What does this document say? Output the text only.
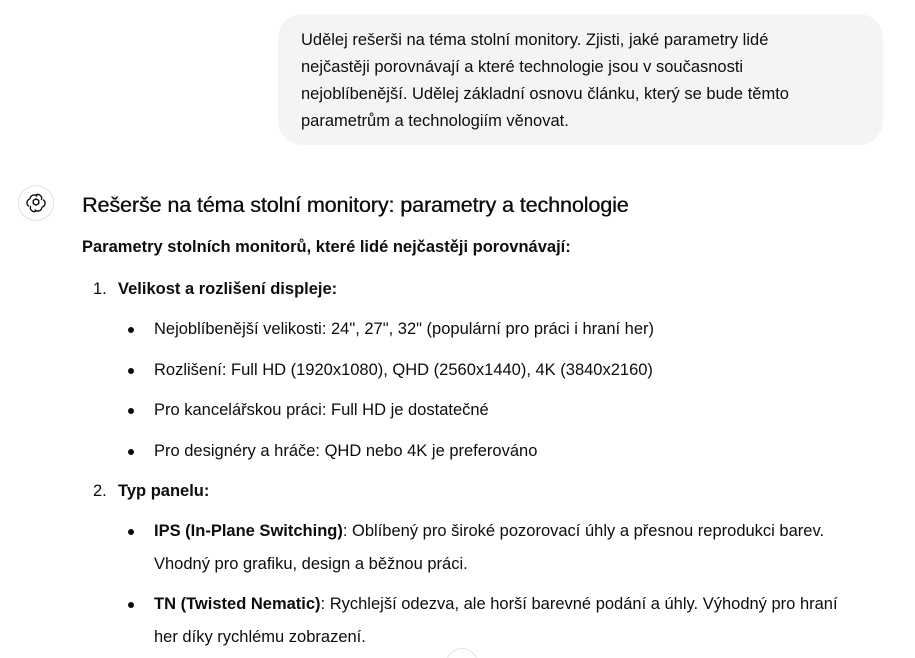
Udělej rešerši na téma stolní monitory. Zjisti, jaké parametry lidé
nejčastěji porovnávají a které technologie jsou v současnosti
nejoblíbenější. Udělej základní osnovu článku, který se bude těmto
parametrům a technologiím věnovat.
Rešerše na téma stolní monitory: parametry a technologie
Parametry stolních monitorů, které lidé nejčastěji porovnávají:
1. Velikost a rozlišení displeje:
Nejoblíbenější velikosti: 24", 27", 32" (populární pro práci i hraní her)
Rozlišení: Full HD (1920x1080), QHD (2560x1440), 4K (3840x2160)
Pro kancelářskou práci: Full HD je dostatečné
Pro designéry a hráče: QHD nebo 4K je preferováno
2. Typ panelu:
IPS (In-Plane Switching): Oblíbený pro široké pozorovací úhly a přesnou reprodukci barev.
Vhodný pro grafiku, design a běžnou práci.
TN (Twisted Nematic): Rychlejší odezva, ale horší barevné podání a úhly. Výhodný pro hraní
her díky rychlému zobrazení.
